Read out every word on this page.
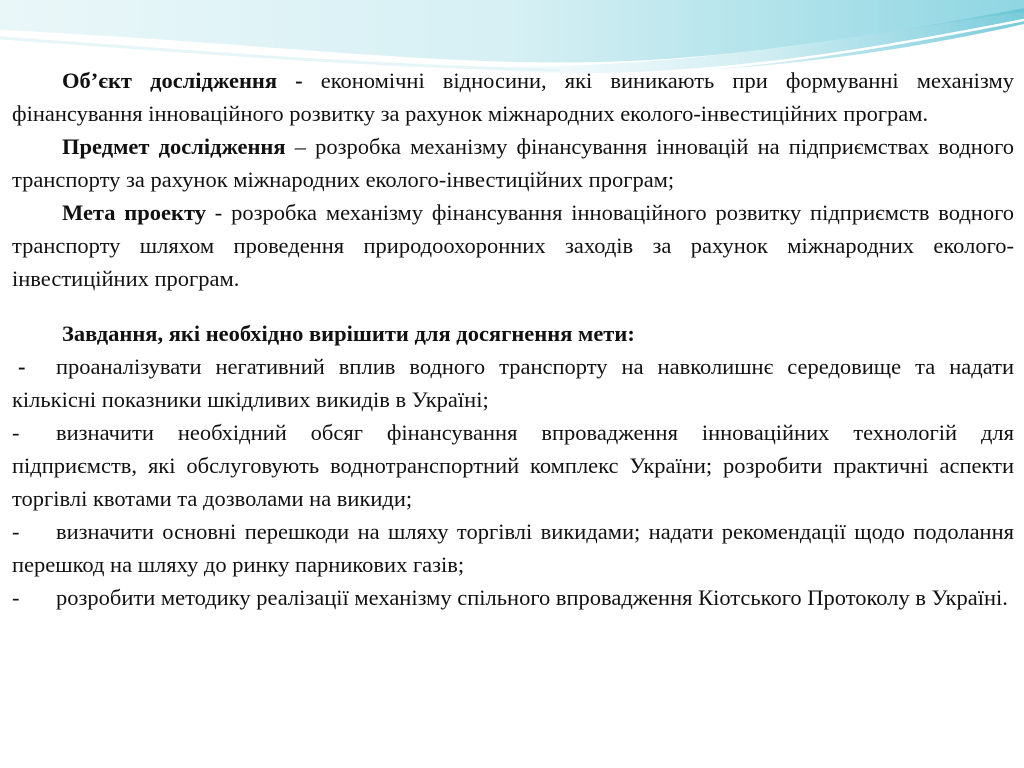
Об’єкт дослідження - економічні відносини, які виникають при формуванні механізму фінансування інноваційного розвитку за рахунок міжнародних еколого-інвестиційних програм.

Предмет дослідження – розробка механізму фінансування інновацій на підприємствах водного транспорту за рахунок міжнародних еколого-інвестиційних програм;

Мета проекту - розробка механізму фінансування інноваційного розвитку підприємств водного транспорту шляхом проведення природоохоронних заходів за рахунок міжнародних еколого-інвестиційних програм.

Завдання, які необхідно вирішити для досягнення мети:

- проаналізувати негативний вплив водного транспорту на навколишнє середовище та надати кількісні показники шкідливих викидів в Україні;

- визначити необхідний обсяг фінансування впровадження інноваційних технологій для підприємств, які обслуговують воднотранспортний комплекс України; розробити практичні аспекти торгівлі квотами та дозволами на викиди;

- визначити основні перешкоди на шляху торгівлі викидами; надати рекомендації щодо подолання перешкод на шляху до ринку парникових газів;

- розробити методику реалізації механізму спільного впровадження Кіотського Протоколу в Україні.
